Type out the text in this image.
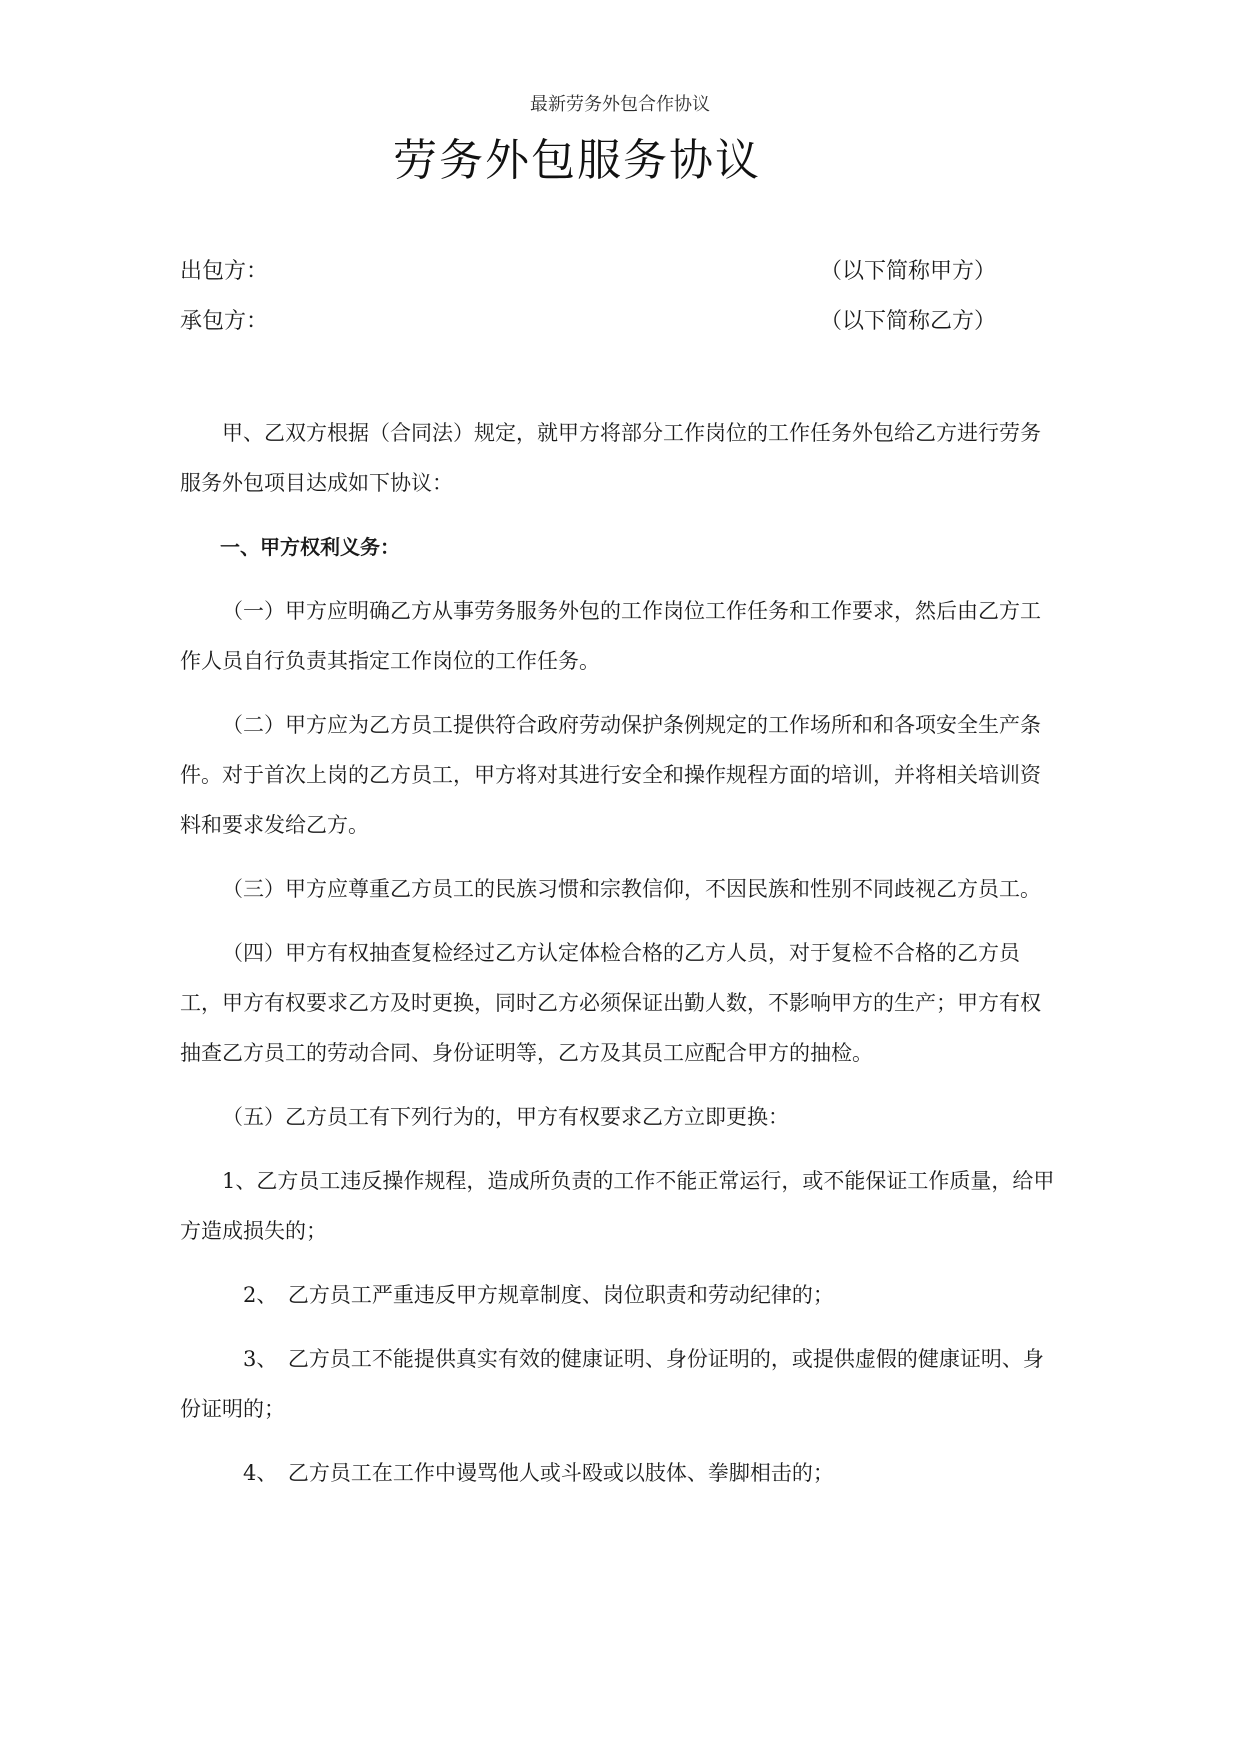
最新劳务外包合作协议
劳务外包服务协议
出包方：	（以下简称甲方）
承包方：	（以下简称乙方）

甲、乙双方根据（合同法）规定，就甲方将部分工作岗位的工作任务外包给乙方进行劳务服务外包项目达成如下协议：

一、甲方权利义务：

（一）甲方应明确乙方从事劳务服务外包的工作岗位工作任务和工作要求，然后由乙方工作人员自行负责其指定工作岗位的工作任务。

（二）甲方应为乙方员工提供符合政府劳动保护条例规定的工作场所和和各项安全生产条件。对于首次上岗的乙方员工，甲方将对其进行安全和操作规程方面的培训，并将相关培训资料和要求发给乙方。

（三）甲方应尊重乙方员工的民族习惯和宗教信仰，不因民族和性别不同歧视乙方员工。

（四）甲方有权抽查复检经过乙方认定体检合格的乙方人员，对于复检不合格的乙方员工，甲方有权要求乙方及时更换，同时乙方必须保证出勤人数，不影响甲方的生产；甲方有权抽查乙方员工的劳动合同、身份证明等，乙方及其员工应配合甲方的抽检。

（五）乙方员工有下列行为的，甲方有权要求乙方立即更换：

1、乙方员工违反操作规程，造成所负责的工作不能正常运行，或不能保证工作质量，给甲方造成损失的；

2、　乙方员工严重违反甲方规章制度、岗位职责和劳动纪律的；

3、　乙方员工不能提供真实有效的健康证明、身份证明的，或提供虚假的健康证明、身份证明的；

4、　乙方员工在工作中谩骂他人或斗殴或以肢体、拳脚相击的；
